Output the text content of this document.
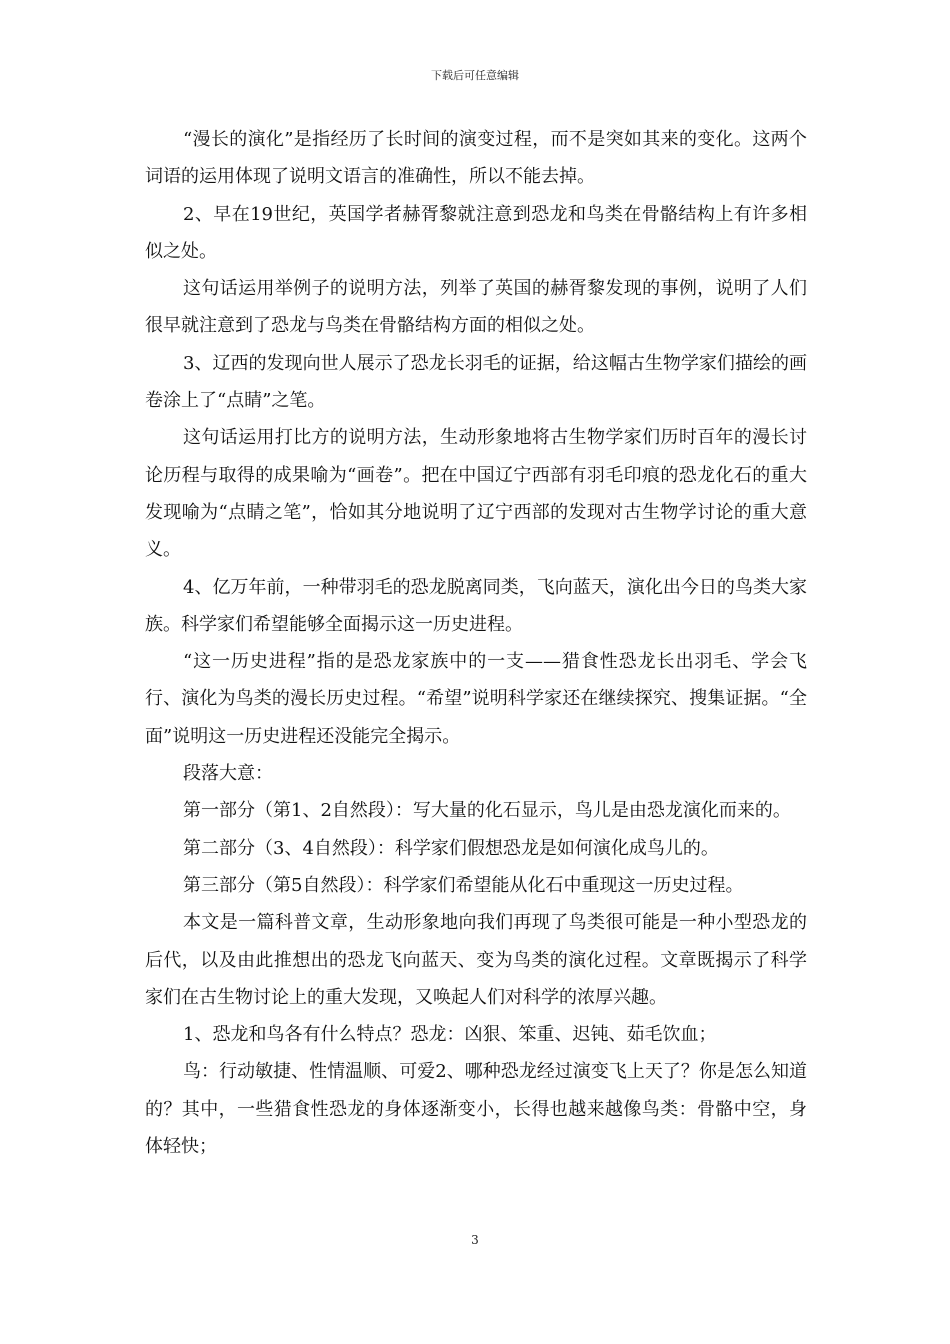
下载后可任意编辑

“漫长的演化”是指经历了长时间的演变过程，而不是突如其来的变化。这两个词语的运用体现了说明文语言的准确性，所以不能去掉。

2、早在19世纪，英国学者赫胥黎就注意到恐龙和鸟类在骨骼结构上有许多相似之处。

这句话运用举例子的说明方法，列举了英国的赫胥黎发现的事例，说明了人们很早就注意到了恐龙与鸟类在骨骼结构方面的相似之处。

3、辽西的发现向世人展示了恐龙长羽毛的证据，给这幅古生物学家们描绘的画卷涂上了“点睛”之笔。

这句话运用打比方的说明方法，生动形象地将古生物学家们历时百年的漫长讨论历程与取得的成果喻为“画卷”。把在中国辽宁西部有羽毛印痕的恐龙化石的重大发现喻为“点睛之笔”，恰如其分地说明了辽宁西部的发现对古生物学讨论的重大意义。

4、亿万年前，一种带羽毛的恐龙脱离同类，飞向蓝天，演化出今日的鸟类大家族。科学家们希望能够全面揭示这一历史进程。

“这一历史进程”指的是恐龙家族中的一支——猎食性恐龙长出羽毛、学会飞行、演化为鸟类的漫长历史过程。“希望”说明科学家还在继续探究、搜集证据。“全面”说明这一历史进程还没能完全揭示。

段落大意：

第一部分（第1、2自然段）：写大量的化石显示，鸟儿是由恐龙演化而来的。

第二部分（3、4自然段）：科学家们假想恐龙是如何演化成鸟儿的。

第三部分（第5自然段）：科学家们希望能从化石中重现这一历史过程。

本文是一篇科普文章，生动形象地向我们再现了鸟类很可能是一种小型恐龙的后代，以及由此推想出的恐龙飞向蓝天、变为鸟类的演化过程。文章既揭示了科学家们在古生物讨论上的重大发现，又唤起人们对科学的浓厚兴趣。

1、恐龙和鸟各有什么特点？恐龙：凶狠、笨重、迟钝、茹毛饮血；

鸟：行动敏捷、性情温顺、可爱2、哪种恐龙经过演变飞上天了？你是怎么知道的？其中，一些猎食性恐龙的身体逐渐变小，长得也越来越像鸟类：骨骼中空，身体轻快；

3
